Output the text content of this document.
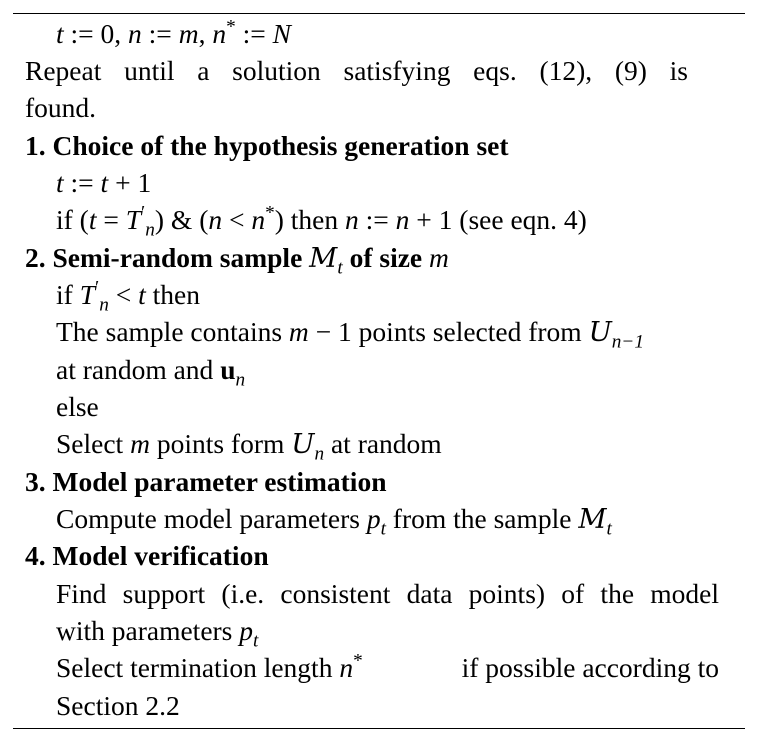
t := 0, n := m, n* := N
Repeat until a solution satisfying eqs. (12), (9) is
found.
1. Choice of the hypothesis generation set
t := t + 1
if $(t = T'_n)$ & (n < n*) then n := n + 1 (see eqn. 4)
2. Semi-random sample $M_t$ of size m
if $T'_n < t$ then
The sample contains m − 1 points selected from $U_{n-1}$
at random and $u_n$
else
Select m points form $U_n$ at random
3. Model parameter estimation
Compute model parameters $p_t$ from the sample $M_t$
4. Model verification
Find support (i.e. consistent data points) of the model
with parameters $p_t$
Select termination length n*	if possible according to
Section 2.2
